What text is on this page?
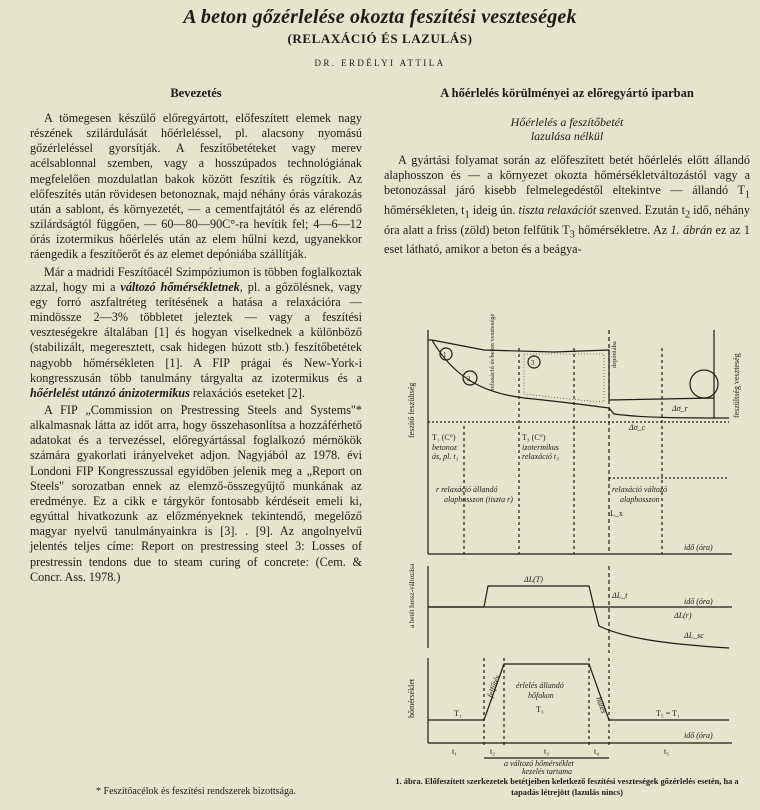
A beton gőzérlelése okozta feszítési veszteségek
(RELAXÁCIÓ ÉS LAZULÁS)
DR. ERDÉLYI ATTILA
Bevezetés

A tömegesen készülő előregyártott, előfeszített elemek nagy részének szilárdulását hőérleléssel, pl. alacsony nyomású gőzérleléssel gyorsítják. A feszítőbetéteket vagy merev acélsablonnal szemben, vagy a hosszúpados technológiának megfelelően mozdulatlan bakok között feszítik és rögzítik. Az előfeszítés után rövidesen betonoznak, majd néhány órás várakozás után a sablont, és környezetét, — a cementfajtától és az elérendő szilárdságtól függően, — 60—80—90C°-ra hevítik fel; 4—6—12 órás izotermikus hőérlelés után az elem hűlni kezd, ugyanekkor ráengedik a feszítőerőt és az elemet depóniába szállítják.

Már a madridi Feszítőacél Szimpóziumon is többen foglalkoztak azzal, hogy mi a változó hőmérsékletnek, pl. a gőzölésnek, vagy egy forró aszfaltréteg terítésének a hatása a relaxációra — mindössze 2—3% többletet jeleztek — vagy a feszítési veszteségekre általában [1] és hogyan viselkednek a különböző (stabilizált, megeresztett, csak hidegen húzott stb.) feszítőbetétek nagyobb hőmérsékleten [1]. A FIP prágai és New-York-i kongresszusán több tanulmány tárgyalta az izotermikus és a hőérlelést utánzó ánizotermikus relaxációs eseteket [2].

A FIP „Commission on Prestressing Steels and Systems"* alkalmasnak látta az időt arra, hogy összehasonlítsa a hozzáférhető adatokat és a tervezéssel, előregyártással foglalkozó mérnökök számára gyakorlati irányelveket adjon. Nagyjából az 1978. évi Londoni FIP Kongresszussal egyidőben jelenik meg a „Report on Steels" sorozatban ennek az elemző-összegyűjtő munkának az eredménye. Ez a cikk e tárgykör fontosabb kérdéseit emeli ki, egyúttal hivatkozunk az előzményeknek tekintendő, megelőző magyar nyelvű tanulmányainkra is [3]. . [9]. Az angolnyelvű jelentés teljes címe: Report on prestressing steel 3: Losses of prestressin tendons due to steam curing of concrete: (Cem. & Concr. Ass. 1978.)

* Feszítőacélok és feszítési rendszerek bizottsága.
A hőérlelés körülményei az előregyártó iparban
Hőérlelés a feszítőbetét
lazulása nélkül

A gyártási folyamat során az előfeszített betét hőérlelés előtt állandó alaphosszon és — a környezet okozta hőmérsékletváltozástól vagy a betonozással járó kisebb felmelegedéstől eltekintve — állandó $T_1$ hőmérsékleten, $t_1$ ideig ún. tiszta relaxációt szenved. Ezután $t_2$ idő, néhány óra alatt a friss (zöld) beton felfűtik $T_3$ hőmérsékletre. Az 1. ábrán ez az 1 eset látható, amikor a beton és a beágya-

feszítő feszültség	feszültség veszteség
T₁ (C°)
betonoz
ás, pl. t₁
T₃ (C°)
izotermikus
relaxáció t₃
r relaxáció állandó
alaphosszon (tiszta r)
relaxáció változó
alaphosszon
L_x
Δσ_r
Δσ_c
idő (óra)
a betét hossz-változása	ΔL(T)
ΔL_t
idő (óra)
ΔL_sc
ΔL(r)
hőmérséklet	felfűtés
hűlés
érlelés állandó
hőfokon
T₃
T₁	T₅ = T₁
idő (óra)
t₁	t₂	t₃	t₄	t₅
a változó hőmérséklet
kezelés tartama
1
2
3
relaxáció és beton vesztesége	depóniába
1. ábra. Előfeszített szerkezetek betétjeiben keletkező feszítési veszteségek gőzérlelés esetén, ha a tapadás létrejött (lazulás nincs)
